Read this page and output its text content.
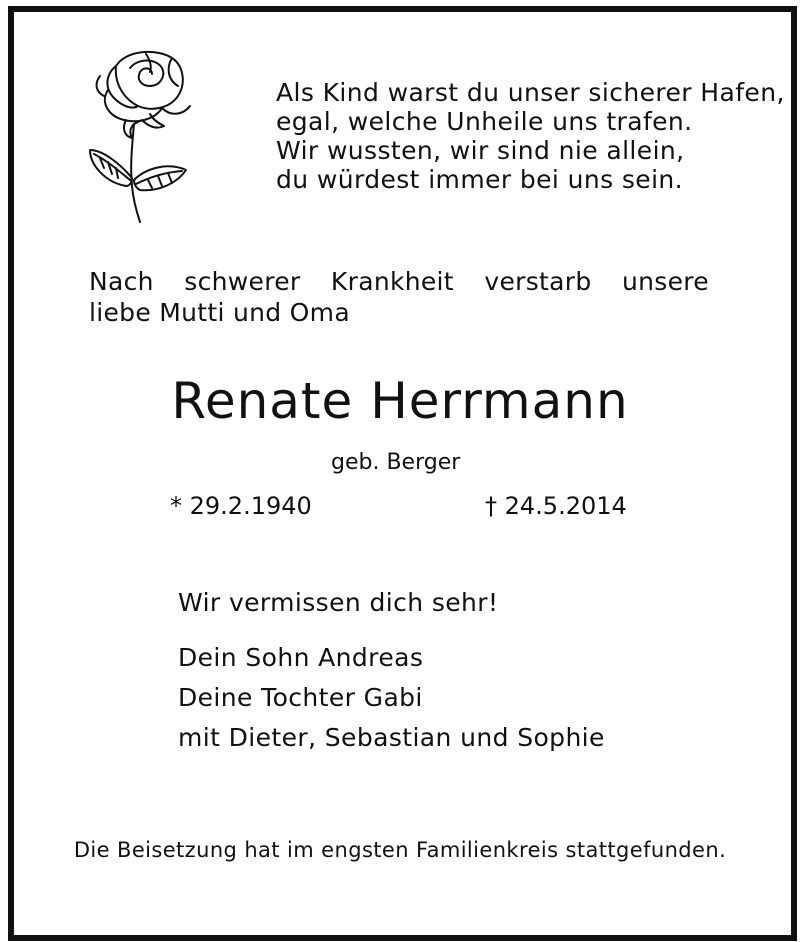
Als Kind warst du unser sicherer Hafen,
egal, welche Unheile uns trafen.
Wir wussten, wir sind nie allein,
du würdest immer bei uns sein.
Nach schwerer Krankheit verstarb unsere
liebe Mutti und Oma
Renate Herrmann
geb. Berger
* 29.2.1940	† 24.5.2014
Wir vermissen dich sehr!
Dein Sohn Andreas
Deine Tochter Gabi
mit Dieter, Sebastian und Sophie
Die Beisetzung hat im engsten Familienkreis stattgefunden.
